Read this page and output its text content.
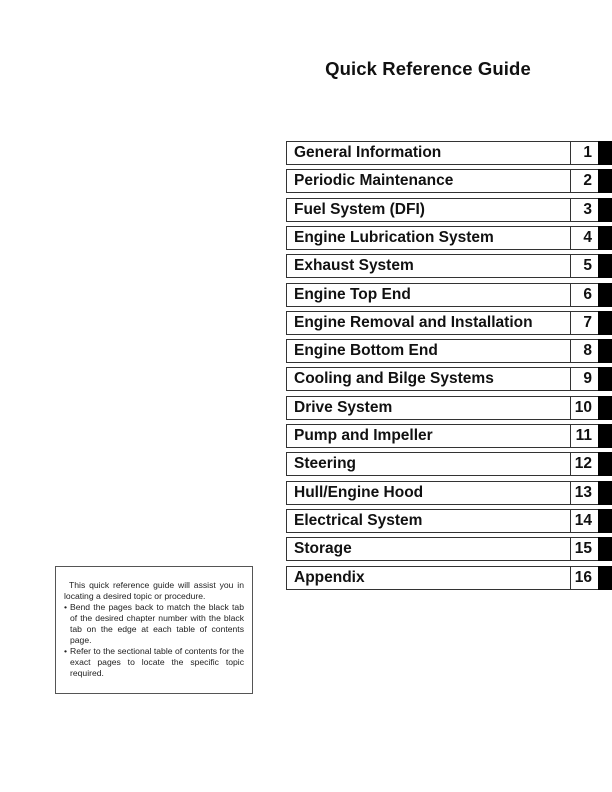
Quick Reference Guide
General Information	1
Periodic Maintenance	2
Fuel System (DFI)	3
Engine Lubrication System	4
Exhaust System	5
Engine Top End	6
Engine Removal and Installation	7
Engine Bottom End	8
Cooling and Bilge Systems	9
Drive System	10
Pump and Impeller	11
Steering	12
Hull/Engine Hood	13
Electrical System	14
Storage	15
Appendix	16

This quick reference guide will assist you in locating a desired topic or procedure.

• Bend the pages back to match the black tab of the desired chapter number with the black tab on the edge at each table of contents page.

• Refer to the sectional table of contents for the exact pages to locate the specific topic required.
